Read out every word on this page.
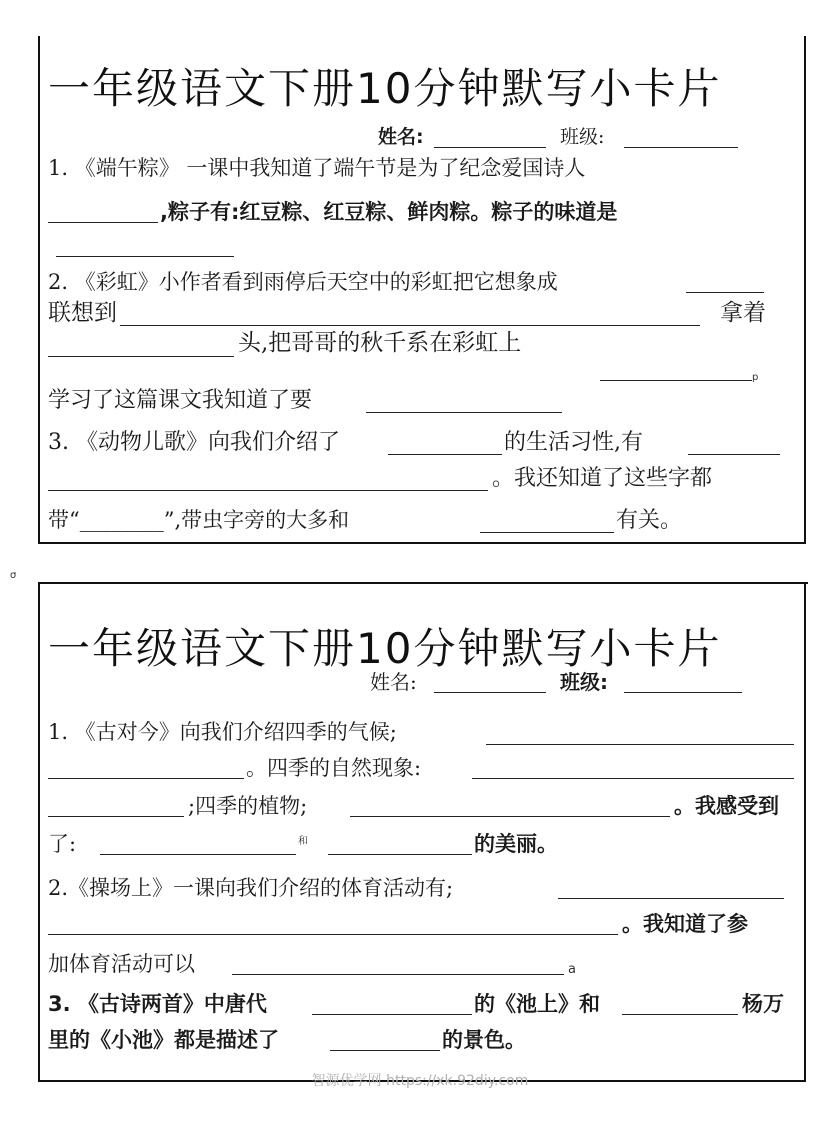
一年级语文下册10分钟默写小卡片
姓名:	班级:
1. 《端午粽》 一课中我知道了端午节是为了纪念爱国诗人
,粽子有:红豆粽、红豆粽、鲜肉粽。粽子的味道是
2. 《彩虹》小作者看到雨停后天空中的彩虹把它想象成
联想到	拿着
头,把哥哥的秋千系在彩虹上
p
学习了这篇课文我知道了要
3. 《动物儿歌》向我们介绍了	的生活习性,有
。我还知道了这些字都
带“________”,带虫字旁的大多和	有关。
σ
一年级语文下册10分钟默写小卡片
姓名:	班级:
1. 《古对今》向我们介绍四季的气候;
。四季的自然现象:
;四季的植物;	。我感受到
了:	和	的美丽。
2.《操场上》一课向我们介绍的体育活动有;
。我知道了参
加体育活动可以	a
3. 《古诗两首》中唐代	的《池上》和	杨万
里的《小池》都是描述了	的景色。
智源优学网 https://xk.92diy.com
